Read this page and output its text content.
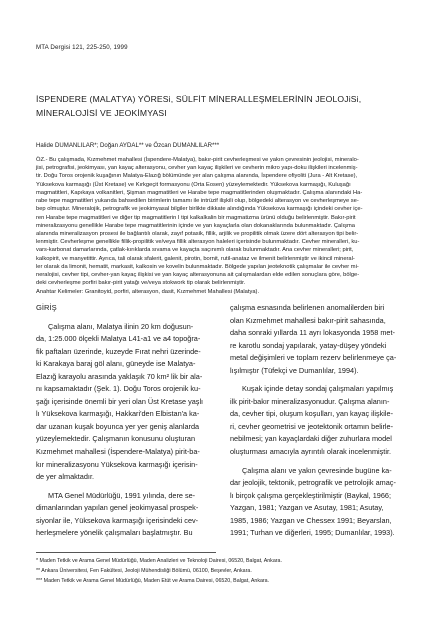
MTA Dergisi 121, 225-250, 1999
İSPENDERE (MALATYA) YÖRESi, SÜLFİT MİNERALLEŞMELERİNİN JEOLOJiSi,
MİNERALOJİSİ VE JEOKİMYASI
Halide DUMANLILAR*; Doğan AYDAL** ve Özcan DUMANLILAR***
ÖZ.- Bu çalışmada, Kızmehmet mahallesi (İspendere-Malatya), bakır-pirit cevherleşmesi ve yakın çevresinin jeolojisi, mineralo-
jisi, petrografisi, jeokimyası, yan kayaç alterasyonu, cevher yan kayaç ilişkileri ve cevherin mikro yapı-doku ilişkileri incelenmiş-
tir. Doğu Toros orojenik kuşağının Malatya-Elazığ bölümünde yer alan çalışma alanında, İspendere ofiyoliti (Jura - Alt Kretase),
Yüksekova karmaşığı (Üst Kretase) ve Kırkgeçit formasyonu (Orta Eosen) yüzeylemektedir. Yüksekova karmaşığı, Kuluşağı
magmatitleri, Kapıkaya volkanitleri, Şişman magmatitleri ve Harabe tepe magmatitlerinden oluşmaktadır. Çalışma alanındaki Ha-
rabe tepe magmatitleri yukarıda bahsedilen birimlerin tamamı ile intrüzif ilişkili olup, bölgedeki alterasyon ve cevherleşmeye se-
bep olmuştur. Mineralojik, petrografik ve jeokimyasal bilgiler birlikte dikkate alındığında Yüksekova karmaşığı içindeki cevher içe-
ren Harabe tepe magmatitleri ve diğer tip magmatitlerin I tipi kalkalkalin bir magmatizma ürünü olduğu belirlenmiştir. Bakır-pirit
mineralizasyonu genellikle Harabe tepe magmatitlerinin içinde ve yan kayaçlarla olan dokanaklarında bulunmaktadır. Çalışma
alanında mineralizasyon prosesi ile bağlantılı olarak, zayıf potasik, fillik, arjilik ve propilitik olmak üzere dört alterasyon tipi belir-
lenmiştir. Cevherleşme genellikle fillik-propilitik ve/veya fillik alterasyon haleleri içerisinde bulunmaktadır. Cevher mineralleri, ku-
vars-karbonat damarlarında, çatlak-kırıklarda sıvama ve kayaçta saçınımlı olarak bulunmaktadır. Ana cevher mineralleri; pirit,
kalkopirit, ve manyetittir. Ayrıca, tali olarak sfalerit, galenit, pirotin, bornit, rutil-anataz ve ilmenit belirlenmiştir ve ikincil mineral-
ler olarak da limonit, hematit, markasit, kalkosin ve kovelin bulunmaktadır. Bölgede yapılan jeoteknotik çalışmalar ile cevher mi-
neralojisi, cevher tipi, cevher-yan kayaç ilişkisi ve yan kayaç alterasyonuna ait çalışmalardan elde edilen sonuçlara göre, bölge-
deki cevherleşme porfiri bakır-pirit yatağı ve/veya stokwork tip olarak belirlenmiştir.
Anahtar Kelimeler: Granitoyid, porfiri, alterasyon, dasit, Kızmehmet Mahallesi (Malatya).
GİRİŞ
Çalışma alanı, Malatya ilinin 20 km doğusun-
da, 1:25.000 ölçekli Malatya L41-a1 ve a4 topoğra-
fik paftaları üzerinde, kuzeyde Fırat nehri üzerinde-
ki Karakaya baraj göl alanı, güneyde ise Malatya-
Elazığ karayolu arasında yaklaşık 70 km² lik bir ala-
nı kapsamaktadır (Şek. 1). Doğu Toros orojenik ku-
şağı içerisinde önemli bir yeri olan Üst Kretase yaşlı
lı Yüksekova karmaşığı, Hakkari'den Elbistan'a ka-
dar uzanan kuşak boyunca yer yer geniş alanlarda
yüzeylemektedir. Çalışmanın konusunu oluşturan
Kızmehmet mahallesi (İspendere-Malatya) pirit-ba-
kır mineralizasyonu Yüksekova karmaşığı içerisin-
de yer almaktadır.
MTA Genel Müdürlüğü, 1991 yılında, dere se-
dimanlarından yapılan genel jeokimyasal prospek-
siyonlar ile, Yüksekova karmaşığı içerisindeki cev-
herleşmelere yönelik çalışmaları başlatmıştır. Bu
çalışma esnasında belirlenen anomalilerden biri
olan Kızmehmet mahallesi bakır-pirit sahasında,
daha sonraki yıllarda 11 ayrı lokasyonda 1958 met-
re karotlu sondaj yapılarak, yatay-düşey yöndeki
metal değişimleri ve toplam rezerv belirlenmeye ça-
lışılmıştır (Tüfekçi ve Dumanlılar, 1994).
Kuşak içinde detay sondaj çalışmaları yapılmış
ilk pirit-bakır mineralizasyonudur. Çalışma alanın-
da, cevher tipi, oluşum koşulları, yan kayaç ilişkile-
ri, cevher geometrisi ve jeotektonik ortamın belirle-
nebilmesi; yan kayaçlardaki diğer zuhurlara model
oluşturması amacıyla ayrıntılı olarak incelenmiştir.
Çalışma alanı ve yakın çevresinde bugüne ka-
dar jeolojik, tektonik, petrografik ve petrolojik amaç-
lı birçok çalışma gerçekleştirilmiştir (Baykal, 1966;
Yazgan, 1981; Yazgan ve Asutay, 1981; Asutay,
1985, 1986; Yazgan ve Chessex 1991; Beyarslan,
1991; Turhan ve diğerleri, 1995; Dumanlılar, 1993).
* Maden Tetkik ve Arama Genel Müdürlüğü, Maden Analizleri ve Teknoloji Dairesi, 06520, Balgat, Ankara.
** Ankara Üniversitesi, Fen Fakültesi, Jeoloji Mühendisliği Bölümü, 06100, Beşevler, Ankara.
*** Maden Tetkik ve Arama Genel Müdürlüğü, Maden Etüt ve Arama Dairesi, 06520, Balgat, Ankara.
